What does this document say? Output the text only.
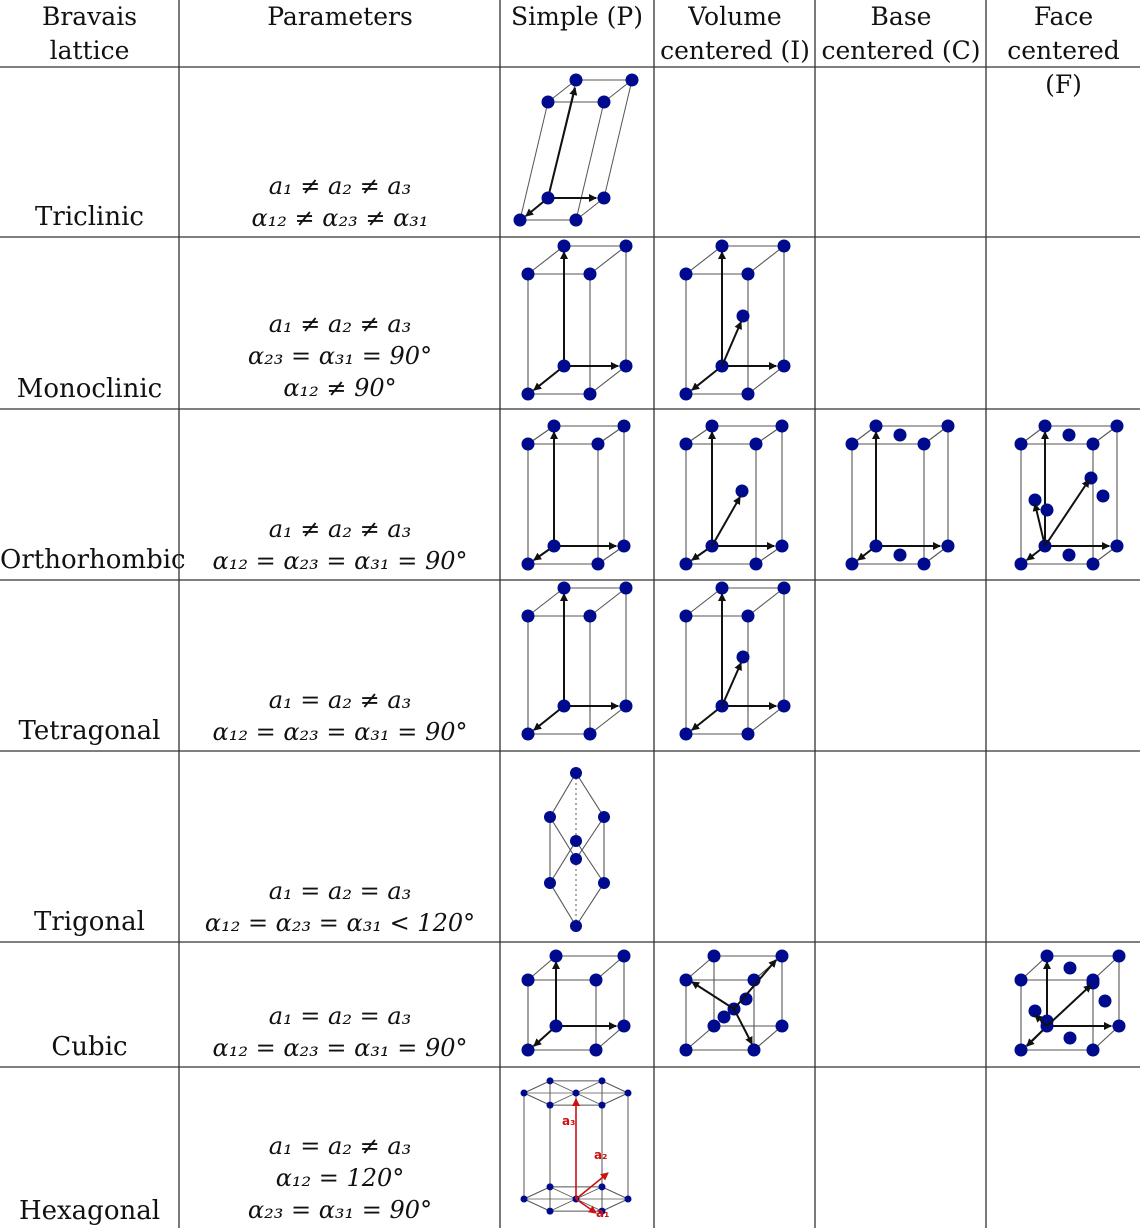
Bravais
lattice
Parameters	Simple (P)	Volume
centered (I)
Base
centered (C)
Face
centered (F)
Triclinic
Monoclinic
Orthorhombic
Tetragonal
Trigonal
Cubic
Hexagonal
a₁ ≠ a₂ ≠ a₃
α₁₂ ≠ α₂₃ ≠ α₃₁
a₁ ≠ a₂ ≠ a₃
α₂₃ = α₃₁ = 90°
α₁₂ ≠ 90°
a₁ ≠ a₂ ≠ a₃
α₁₂ = α₂₃ = α₃₁ = 90°
a₁ = a₂ ≠ a₃
α₁₂ = α₂₃ = α₃₁ = 90°
a₁ = a₂ = a₃
α₁₂ = α₂₃ = α₃₁ < 120°
a₁ = a₂ = a₃
α₁₂ = α₂₃ = α₃₁ = 90°
a₁ = a₂ ≠ a₃
α₁₂ = 120°
α₂₃ = α₃₁ = 90°
a₃
a₂
a₁
